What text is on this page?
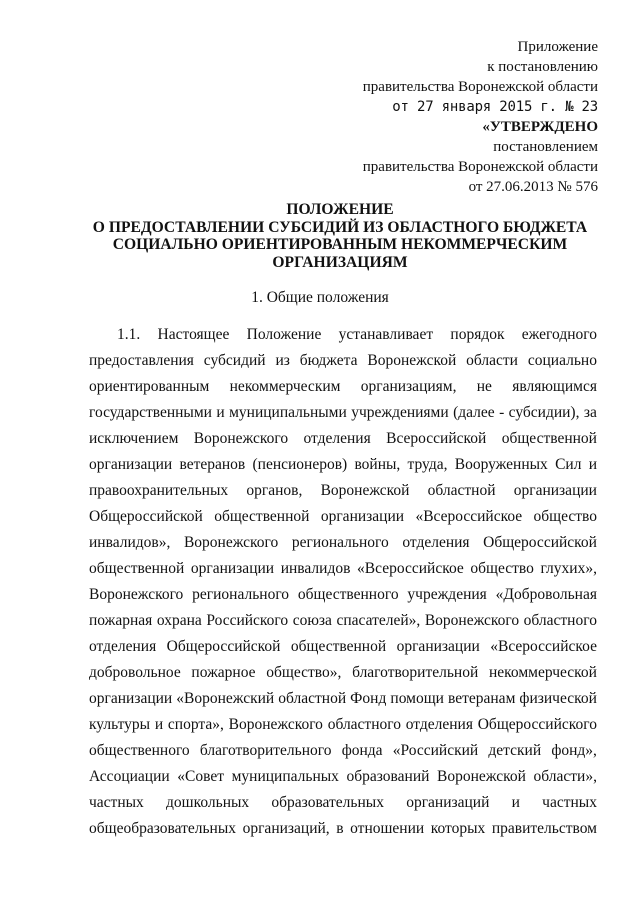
Приложение
к постановлению
правительства Воронежской области
от 27 января 2015 г. № 23
«УТВЕРЖДЕНО
постановлением
правительства Воронежской области
от 27.06.2013 № 576
ПОЛОЖЕНИЕ
О ПРЕДОСТАВЛЕНИИ СУБСИДИЙ ИЗ ОБЛАСТНОГО БЮДЖЕТА
СОЦИАЛЬНО ОРИЕНТИРОВАННЫМ НЕКОММЕРЧЕСКИМ
ОРГАНИЗАЦИЯМ
1. Общие положения
1.1. Настоящее Положение устанавливает порядок ежегодного
предоставления субсидий из бюджета Воронежской области социально
ориентированным некоммерческим организациям, не являющимся
государственными и муниципальными учреждениями (далее - субсидии), за
исключением Воронежского отделения Всероссийской общественной
организации ветеранов (пенсионеров) войны, труда, Вооруженных Сил и
правоохранительных органов, Воронежской областной организации
Общероссийской общественной организации «Всероссийское общество
инвалидов», Воронежского регионального отделения Общероссийской
общественной организации инвалидов «Всероссийское общество глухих»,
Воронежского регионального общественного учреждения «Добровольная
пожарная охрана Российского союза спасателей», Воронежского областного
отделения Общероссийской общественной организации «Всероссийское
добровольное пожарное общество», благотворительной некоммерческой
организации «Воронежский областной Фонд помощи ветеранам физической
культуры и спорта», Воронежского областного отделения Общероссийского
общественного благотворительного фонда «Российский детский фонд»,
Ассоциации «Совет муниципальных образований Воронежской области»,
частных дошкольных образовательных организаций и частных
общеобразовательных организаций, в отношении которых правительством
